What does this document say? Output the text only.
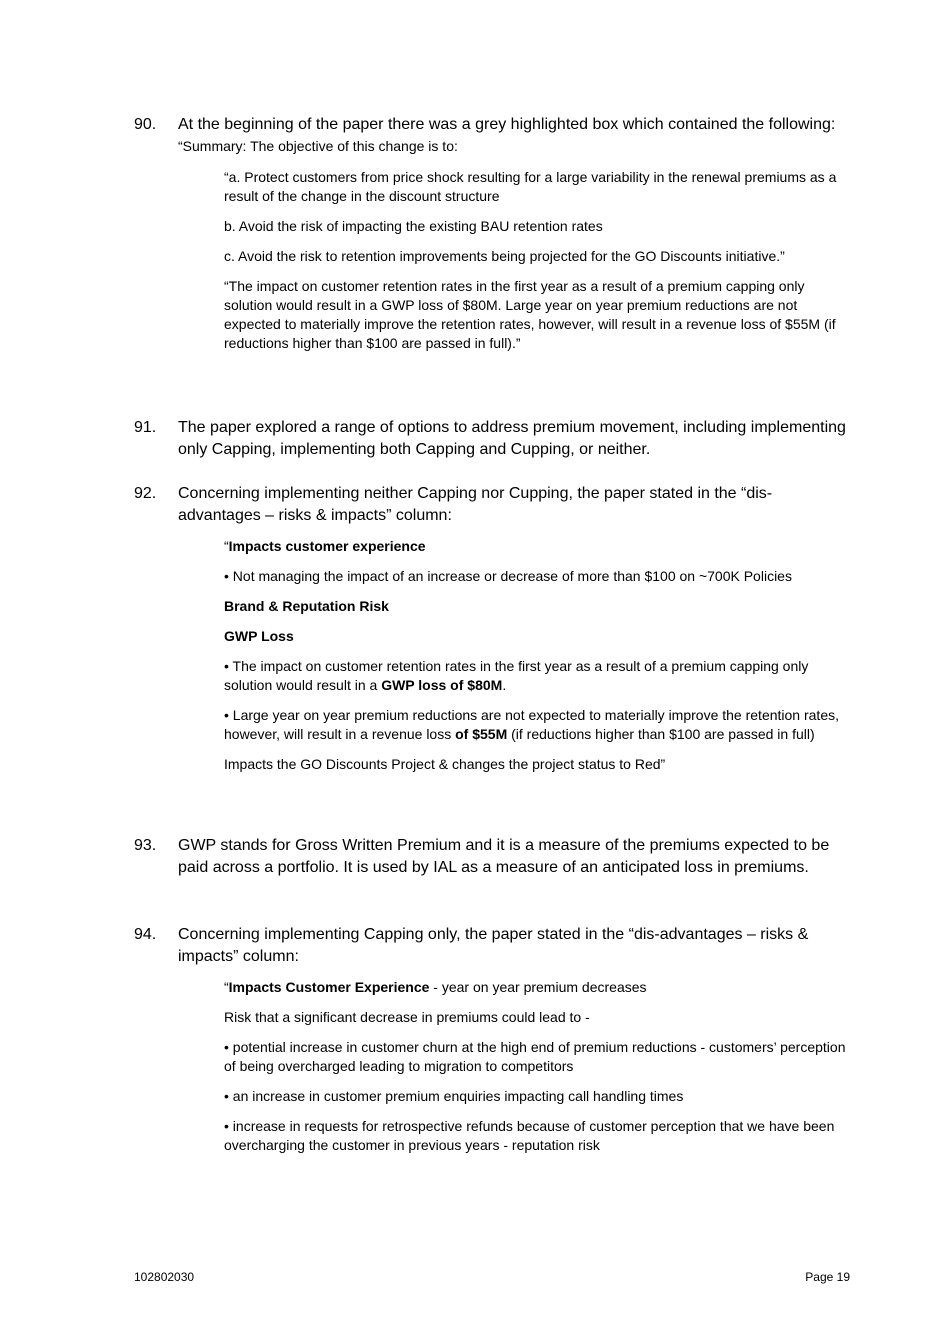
90. At the beginning of the paper there was a grey highlighted box which contained the following:
“Summary: The objective of this change is to:

“a. Protect customers from price shock resulting for a large variability in the renewal premiums as a result of the change in the discount structure

b. Avoid the risk of impacting the existing BAU retention rates

c. Avoid the risk to retention improvements being projected for the GO Discounts initiative.”

“The impact on customer retention rates in the first year as a result of a premium capping only solution would result in a GWP loss of $80M. Large year on year premium reductions are not expected to materially improve the retention rates, however, will result in a revenue loss of $55M (if reductions higher than $100 are passed in full).”

91. The paper explored a range of options to address premium movement, including implementing only Capping, implementing both Capping and Cupping, or neither.
92. Concerning implementing neither Capping nor Cupping, the paper stated in the “dis-advantages – risks & impacts” column:

“Impacts customer experience

• Not managing the impact of an increase or decrease of more than $100 on ~700K Policies

Brand & Reputation Risk

GWP Loss

• The impact on customer retention rates in the first year as a result of a premium capping only solution would result in a GWP loss of $80M.

• Large year on year premium reductions are not expected to materially improve the retention rates, however, will result in a revenue loss of $55M (if reductions higher than $100 are passed in full)

Impacts the GO Discounts Project & changes the project status to Red”

93. GWP stands for Gross Written Premium and it is a measure of the premiums expected to be paid across a portfolio. It is used by IAL as a measure of an anticipated loss in premiums.
94. Concerning implementing Capping only, the paper stated in the “dis-advantages – risks & impacts” column:

“Impacts Customer Experience - year on year premium decreases

Risk that a significant decrease in premiums could lead to -

• potential increase in customer churn at the high end of premium reductions - customers’ perception of being overcharged leading to migration to competitors

• an increase in customer premium enquiries impacting call handling times

• increase in requests for retrospective refunds because of customer perception that we have been overcharging the customer in previous years - reputation risk

102802030	Page 19
